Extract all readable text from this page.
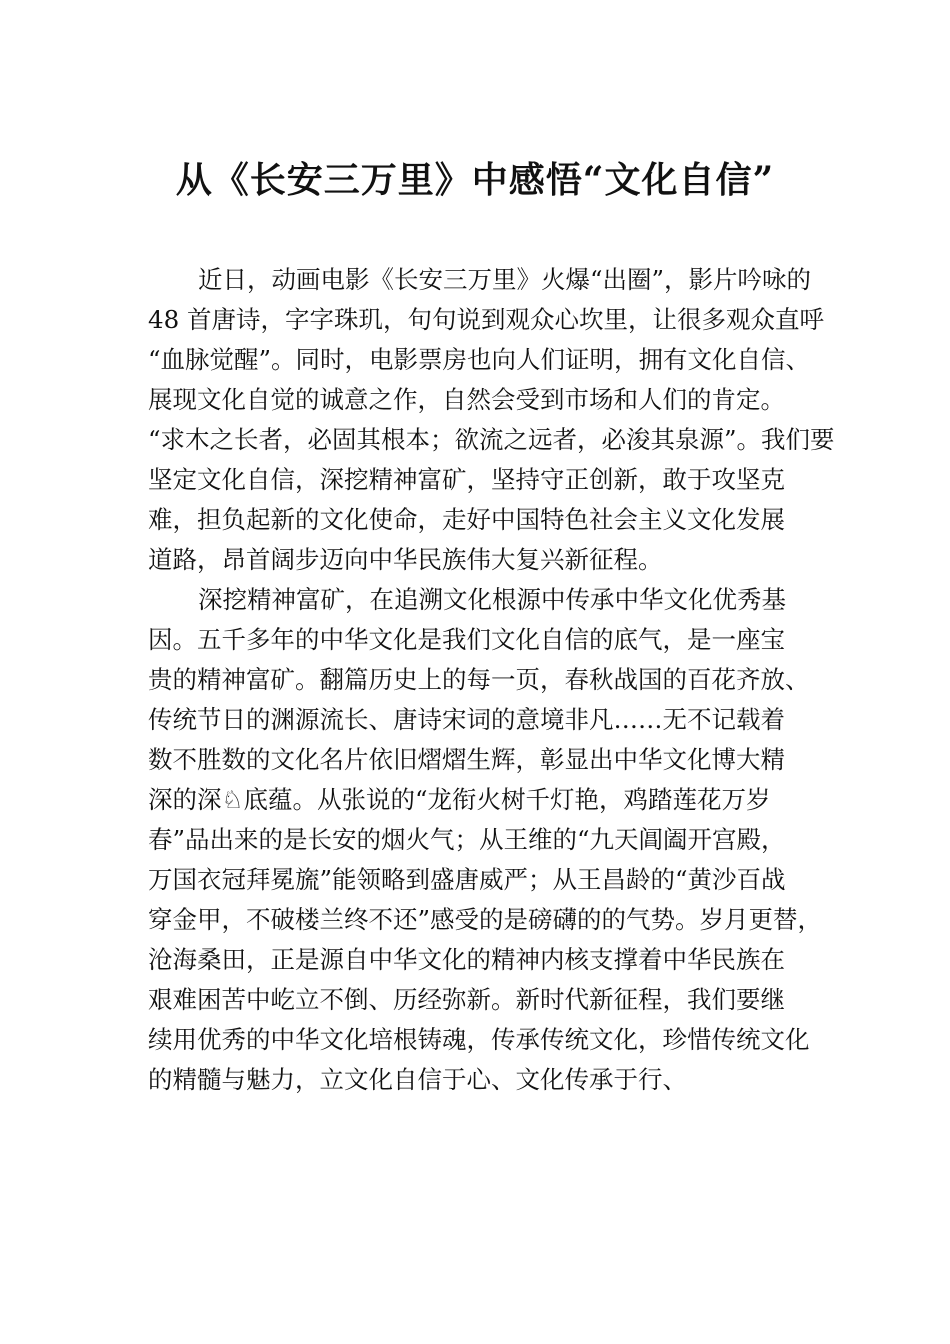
从《长安三万里》中感悟“文化自信”
近日，动画电影《长安三万里》火爆“出圈”，影片吟咏的
48 首唐诗，字字珠玑，句句说到观众心坎里，让很多观众直呼
“血脉觉醒”。同时，电影票房也向人们证明，拥有文化自信、
展现文化自觉的诚意之作，自然会受到市场和人们的肯定。
“求木之长者，必固其根本；欲流之远者，必浚其泉源”。我们要
坚定文化自信，深挖精神富矿，坚持守正创新，敢于攻坚克
难，担负起新的文化使命，走好中国特色社会主义文化发展
道路，昂首阔步迈向中华民族伟大复兴新征程。
深挖精神富矿，在追溯文化根源中传承中华文化优秀基
因。五千多年的中华文化是我们文化自信的底气，是一座宝
贵的精神富矿。翻篇历史上的每一页，春秋战国的百花齐放、
传统节日的渊源流长、唐诗宋词的意境非凡……无不记载着
数不胜数的文化名片依旧熠熠生辉，彰显出中华文化博大精
深的深♘底蕴。从张说的“龙衔火树千灯艳，鸡踏莲花万岁
春”品出来的是长安的烟火气；从王维的“九天阊阖开宫殿，
万国衣冠拜冕旒”能领略到盛唐威严；从王昌龄的“黄沙百战
穿金甲，不破楼兰终不还”感受的是磅礴的的气势。岁月更替，
沧海桑田，正是源自中华文化的精神内核支撑着中华民族在
艰难困苦中屹立不倒、历经弥新。新时代新征程，我们要继
续用优秀的中华文化培根铸魂，传承传统文化，珍惜传统文化
的精髓与魅力，立文化自信于心、文化传承于行、
